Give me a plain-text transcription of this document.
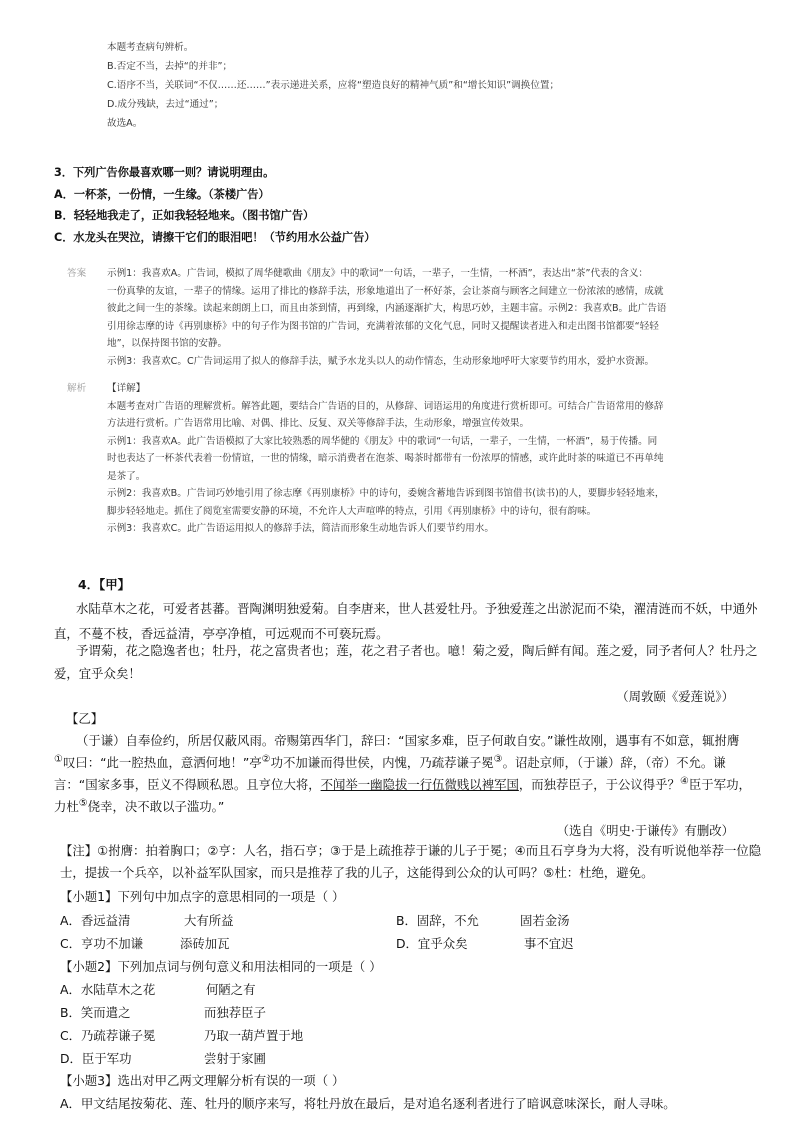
本题考查病句辨析。
B.否定不当，去掉“的并非”；
C.语序不当，关联词“不仅……还……”表示递进关系，应将“塑造良好的精神气质”和“增长知识”调换位置；
D.成分残缺，去过“通过”；
故选A。
3．下列广告你最喜欢哪一则？请说明理由。
A．一杯茶，一份情，一生缘。（茶楼广告）
B．轻轻地我走了，正如我轻轻地来。（图书馆广告）
C．水龙头在哭泣，请擦干它们的眼泪吧！（节约用水公益广告）
答案 示例1：我喜欢A。广告词，模拟了周华健歌曲《朋友》中的歌词“一句话，一辈子，一生情，一杯酒”，表达出“茶”代表的含义：

一份真挚的友谊，一辈子的情缘。运用了排比的修辞手法，形象地道出了一杯好茶，会让茶商与顾客之间建立一份浓浓的感情，成就

彼此之间一生的茶缘。读起来朗朗上口，而且由茶到情，再到缘，内涵逐渐扩大，构思巧妙，主题丰富。示例2：我喜欢B。此广告语

引用徐志摩的诗《再别康桥》中的句子作为图书馆的广告词，充满着浓郁的文化气息，同时又提醒读者进入和走出图书馆都要“轻轻

地”，以保持图书馆的安静。

示例3：我喜欢C。C广告词运用了拟人的修辞手法，赋予水龙头以人的动作情态，生动形象地呼吁大家要节约用水，爱护水资源。

解析 【详解】

本题考查对广告语的理解赏析。解答此题，要结合广告语的目的，从修辞、词语运用的角度进行赏析即可。可结合广告语常用的修辞

方法进行赏析。广告语常用比喻、对偶、排比、反复、双关等修辞手法，生动形象，增强宣传效果。

示例1：我喜欢A。此广告语模拟了大家比较熟悉的周华健的《朋友》中的歌词“一句话，一辈子，一生情，一杯酒”，易于传播。同

时也表达了一杯茶代表着一份情谊，一世的情缘，暗示消费者在泡茶、喝茶时都带有一份浓厚的情感，或许此时茶的味道已不再单纯

是茶了。

示例2：我喜欢B。广告词巧妙地引用了徐志摩《再别康桥》中的诗句，委婉含蓄地告诉到图书馆借书(读书)的人，要脚步轻轻地来，

脚步轻轻地走。抓住了阅览室需要安静的环境，不允许人大声喧哗的特点，引用《再别康桥》中的诗句，很有韵味。

示例3：我喜欢C。此广告语运用拟人的修辞手法，简洁而形象生动地告诉人们要节约用水。

4．【甲】
水陆草木之花，可爱者甚蕃。晋陶渊明独爱菊。自李唐来，世人甚爱牡丹。予独爱莲之出淤泥而不染，濯清涟而不妖，中通外
直，不蔓不枝，香远益清，亭亭净植，可远观而不可亵玩焉。
予谓菊，花之隐逸者也；牡丹，花之富贵者也；莲，花之君子者也。噫！菊之爱，陶后鲜有闻。莲之爱，同予者何人？牡丹之
爱，宜乎众矣！
（周敦颐《爱莲说》）
【乙】
（于谦）自奉俭约，所居仅蔽风雨。帝赐第西华门，辞曰：“国家多难，臣子何敢自安。”谦性故刚，遇事有不如意，辄拊膺
①叹曰：“此一腔热血，意洒何地！”亭②功不加谦而得世侯，内愧，乃疏荐谦子冕③。诏赴京师，（于谦）辞，（帝）不允。谦
言：“国家多事，臣义不得顾私恩。且亨位大将，不闻举一幽隐拔一行伍微贱以裨军国，而独荐臣子，于公议得乎？④臣于军功，
力杜⑤侥幸，决不敢以子滥功。”
（选自《明史·于谦传》有删改）
【注】①拊膺：拍着胸口；②亨：人名，指石亨；③于是上疏推荐于谦的儿子于冕；④而且石亨身为大将，没有听说他举荐一位隐
士，提拔一个兵卒，以补益军队国家，而只是推荐了我的儿子，这能得到公众的认可吗？⑤杜：杜绝，避免。
【小题1】下列句中加点字的意思相同的一项是（ ）
A．香远益清	大有所益	B．固辞，不允	固若金汤
C．亨功不加谦	添砖加瓦	D．宜乎众矣	事不宜迟
【小题2】下列加点词与例句意义和用法相同的一项是（ ）
A．水陆草木之花	何陋之有
B．笑而遣之	而独荐臣子
C．乃疏荐谦子冕	乃取一葫芦置于地
D．臣于军功	尝射于家圃
【小题3】选出对甲乙两文理解分析有误的一项（ ）
A．甲文结尾按菊花、莲、牡丹的顺序来写，将牡丹放在最后，是对追名逐利者进行了暗讽意味深长，耐人寻味。
